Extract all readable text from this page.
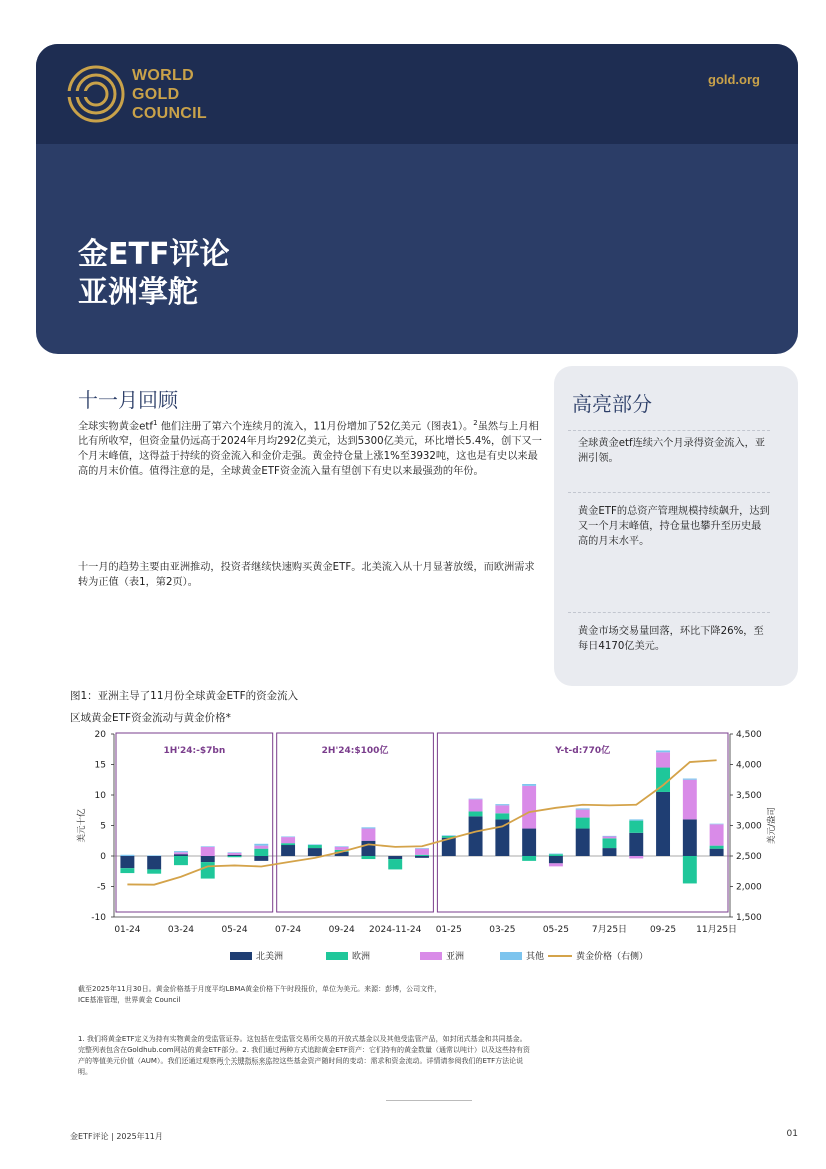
WORLD
GOLD
COUNCIL
gold.org
金ETF评论
亚洲掌舵
十一月回顾
全球实物黄金etf$^1$ 他们注册了第六个连续月的流入，11月份增加了52亿美元（图表1）。$^2$虽然与上月相比有所收窄，但资金量仍远高于2024年月均292亿美元，达到5300亿美元，环比增长5.4%，创下又一个月末峰值，这得益于持续的资金流入和金价走强。黄金持仓量上涨1%至3932吨，这也是有史以来最高的月末价值。值得注意的是，全球黄金ETF资金流入量有望创下有史以来最强劲的年份。
十一月的趋势主要由亚洲推动，投资者继续快速购买黄金ETF。北美流入从十月显著放缓，而欧洲需求转为正值（表1，第2页）。
高亮部分
全球黄金etf连续六个月录得资金流入，亚洲引领。
黄金ETF的总资产管理规模持续飙升，达到又一个月末峰值，持仓量也攀升至历史最高的月末水平。
黄金市场交易量回落，环比下降26%，至每日4170亿美元。
图1：亚洲主导了11月份全球黄金ETF的资金流入
区域黄金ETF资金流动与黄金价格*
20
15
10
5
0
-5
-10
4,500
4,000
3,500
3,000
2,500
2,000
1,500
美元十亿	美元/盎司
1H'24:-$7bn	2H'24:$100亿	Y-t-d:770亿
01-24	03-24	05-24	07-24	09-24 2024-11-24 01-25	03-25	05-25	7月25日	09-25 11月25日
北美洲	欧洲	亚洲	其他	黄金价格（右侧）
截至2025年11月30日。黄金价格基于月度平均LBMA黄金价格下午时段报价，单位为美元。来源：彭博，公司文件，ICE基准管理，世界黄金 Council
1. 我们将黄金ETF定义为持有实物黄金的受监管证券。这包括在受监管交易所交易的开放式基金以及其他受监管产品，如封闭式基金和共同基金。完整列表包含在Goldhub.com网站的黄金ETF部分。2. 我们通过两种方式追踪黄金ETF资产：它们持有的黄金数量（通常以吨计）以及这些持有资产的等值美元价值（AUM）。我们还通过观察两个关键指标来监控这些基金资产随时间的变动：需求和资金流动。详情请参阅我们的ETF方法论说明。
金ETF评论 | 2025年11月	01
